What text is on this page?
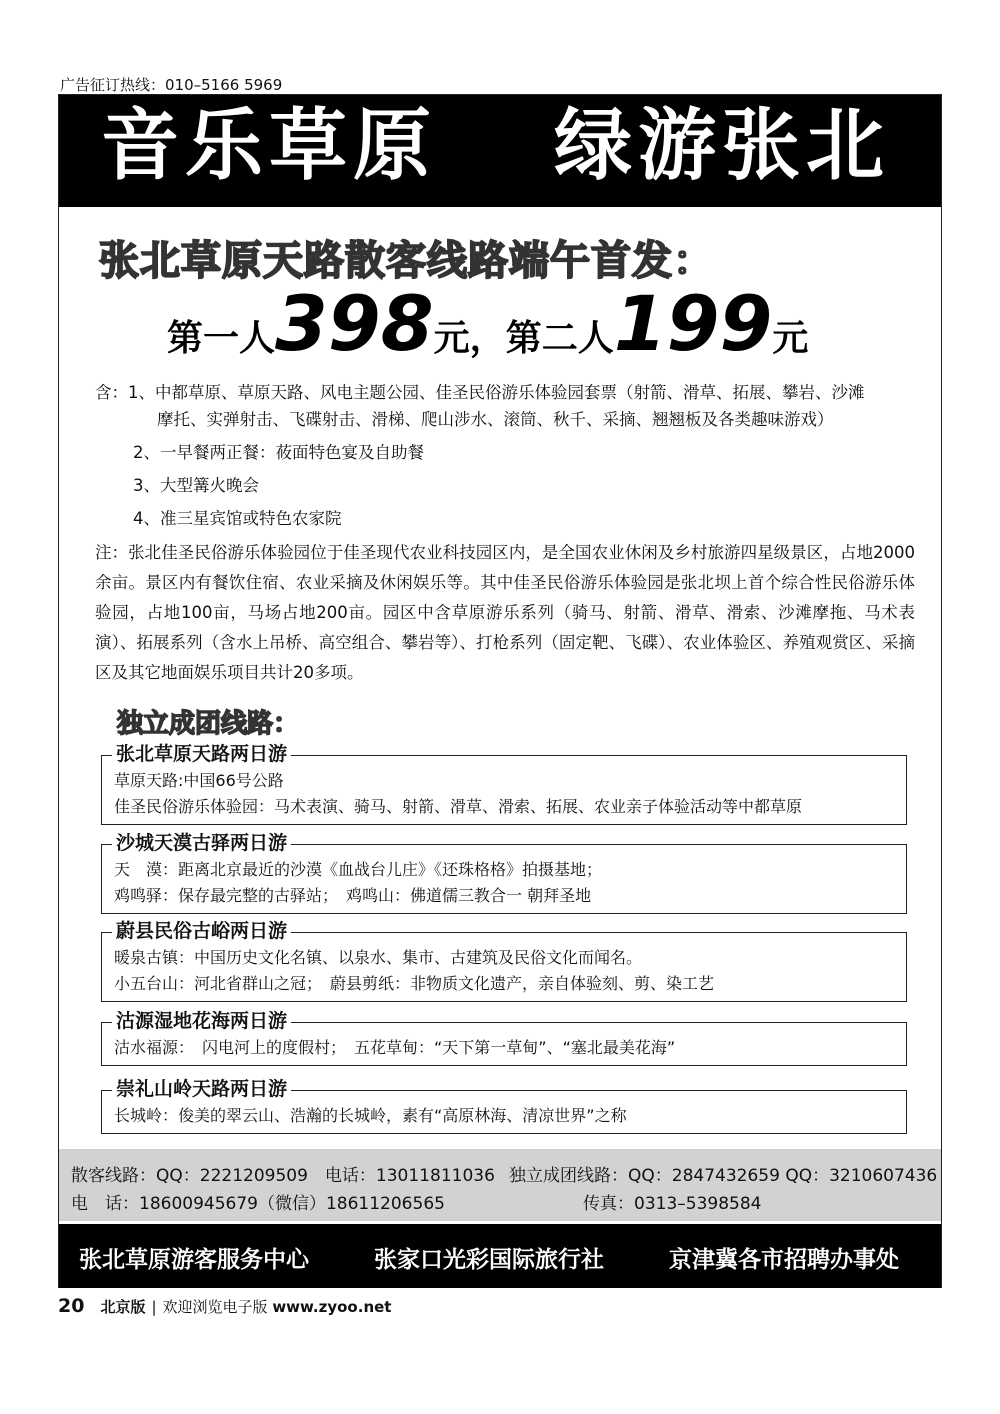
广告征订热线：010–5166 5969
音乐草原 绿游张北
张北草原天路散客线路端午首发：
第一人398元，第二人199元
含：1、中都草原、草原天路、风电主题公园、佳圣民俗游乐体验园套票（射箭、滑草、拓展、攀岩、沙滩
摩托、实弹射击、飞碟射击、滑梯、爬山涉水、滚筒、秋千、采摘、翘翘板及各类趣味游戏）
2、一早餐两正餐：莜面特色宴及自助餐
3、大型篝火晚会
4、准三星宾馆或特色农家院
注：张北佳圣民俗游乐体验园位于佳圣现代农业科技园区内，是全国农业休闲及乡村旅游四星级景区，占地2000余亩。景区内有餐饮住宿、农业采摘及休闲娱乐等。其中佳圣民俗游乐体验园是张北坝上首个综合性民俗游乐体验园，占地100亩，马场占地200亩。园区中含草原游乐系列（骑马、射箭、滑草、滑索、沙滩摩拖、马术表演）、拓展系列（含水上吊桥、高空组合、攀岩等）、打枪系列（固定靶、飞碟）、农业体验区、养殖观赏区、采摘区及其它地面娱乐项目共计20多项。
独立成团线路：
张北草原天路两日游
草原天路:中国66号公路
佳圣民俗游乐体验园：马术表演、骑马、射箭、滑草、滑索、拓展、农业亲子体验活动等中都草原
沙城天漠古驿两日游
天　漠：距离北京最近的沙漠《血战台儿庄》《还珠格格》拍摄基地；
鸡鸣驿：保存最完整的古驿站；　鸡鸣山：佛道儒三教合一 朝拜圣地
蔚县民俗古峪两日游
暖泉古镇：中国历史文化名镇、以泉水、集市、古建筑及民俗文化而闻名。
小五台山：河北省群山之冠；　蔚县剪纸：非物质文化遗产，亲自体验刻、剪、染工艺
沽源湿地花海两日游
沽水福源：　闪电河上的度假村；　五花草甸：“天下第一草甸”、“塞北最美花海”
崇礼山岭天路两日游
长城岭：俊美的翠云山、浩瀚的长城岭，素有“高原林海、清凉世界”之称
散客线路：QQ：2221209509　电话：13011811036 独立成团线路：QQ：2847432659 QQ：3210607436
电　话：18600945679（微信）18611206565	传真：0313–5398584
张北草原游客服务中心	张家口光彩国际旅行社	京津冀各市招聘办事处
20 北京版 | 欢迎浏览电子版 www.zyoo.net
